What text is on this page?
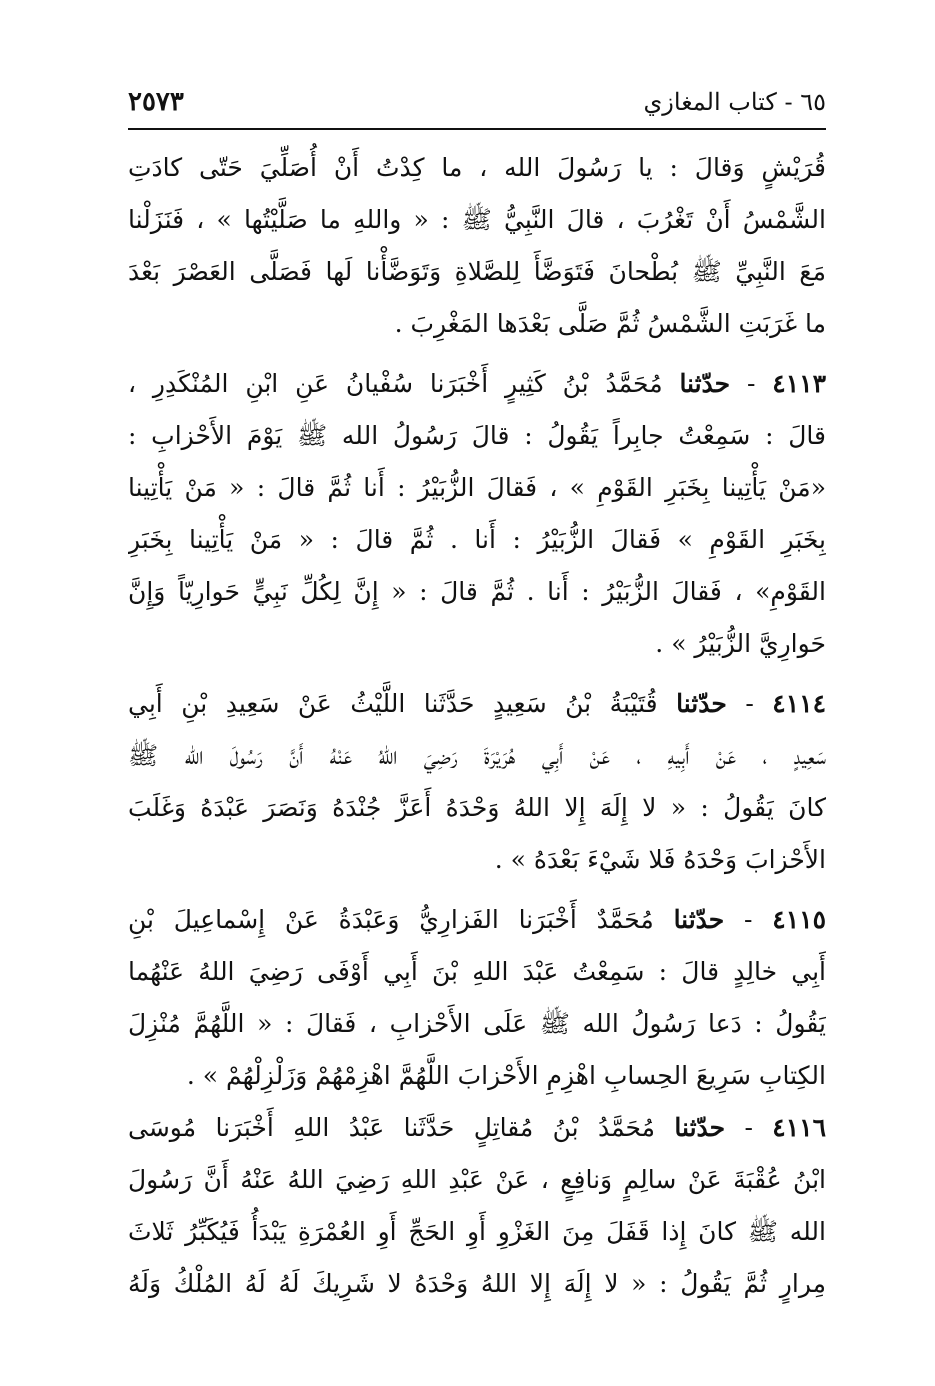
٦٥ - كتاب المغازي
٢٥٧٣
قُرَيْشٍ وَقالَ : يا رَسُولَ الله ، ما كِدْتُ أَنْ أُصَلِّيَ حَتّى كادَتِ
الشَّمْسُ أَنْ تَغْرُبَ ، قالَ النَّبِيُّ ﷺ : « واللهِ ما صَلَّيْتُها » ، فَنَزَلْنا
مَعَ النَّبِيِّ ﷺ بُطْحانَ فَتَوَضَّأَ لِلصَّلاةِ وَتَوَضَّأْنا لَها فَصَلَّى العَصْرَ بَعْدَ
ما غَرَبَتِ الشَّمْسُ ثُمَّ صَلَّى بَعْدَها المَغْرِبَ .
٤١١٣ - حدّثنا مُحَمَّدُ بْنُ كَثِيرٍ أَخْبَرَنا سُفْيانُ عَنِ ابْنِ المُنْكَدِرِ ،
قالَ : سَمِعْتُ جابِراً يَقُولُ : قالَ رَسُولُ الله ﷺ يَوْمَ الأَحْزابِ :
«مَنْ يَأْتِينا بِخَبَرِ القَوْمِ » ، فَقالَ الزُّبَيْرُ : أَنا ثُمَّ قالَ : « مَنْ يَأْتِينا
بِخَبَرِ القَوْمِ » فَقالَ الزُّبَيْرُ : أَنا . ثُمَّ قالَ : « مَنْ يَأْتِينا بِخَبَرِ
القَوْمِ» ، فَقالَ الزُّبَيْرُ : أَنا . ثُمَّ قالَ : « إِنَّ لِكُلِّ نَبِيٍّ حَوارِيّاً وَإِنَّ
حَوارِيَّ الزُّبَيْرُ » .
٤١١٤ - حدّثنا قُتَيْبَةُ بْنُ سَعِيدٍ حَدَّثَنا اللَّيْثُ عَنْ سَعِيدِ بْنِ أَبِي
سَعِيدٍ ، عَنْ أَبِيهِ ، عَنْ أَبِي هُرَيْرَةَ رَضِيَ اللهُ عَنْهُ أَنَّ رَسُولَ الله ﷺ
كانَ يَقُولُ : « لا إِلَهَ إِلا اللهُ وَحْدَهُ أَعَزَّ جُنْدَهُ وَنَصَرَ عَبْدَهُ وَغَلَبَ
الأَحْزابَ وَحْدَهُ فَلا شَيْءَ بَعْدَهُ » .
٤١١٥ - حدّثنا مُحَمَّدٌ أَخْبَرَنا الفَزارِيُّ وَعَبْدَةُ عَنْ إِسْماعِيلَ بْنِ
أَبِي خالِدٍ قالَ : سَمِعْتُ عَبْدَ اللهِ بْنَ أَبِي أَوْفَى رَضِيَ اللهُ عَنْهُما
يَقُولُ : دَعا رَسُولُ الله ﷺ عَلَى الأَحْزابِ ، فَقالَ : « اللَّهُمَّ مُنْزِلَ
الكِتابِ سَرِيعَ الحِسابِ اهْزِمِ الأَحْزابَ اللَّهُمَّ اهْزِمْهُمْ وَزَلْزِلْهُمْ » .
٤١١٦ - حدّثنا مُحَمَّدُ بْنُ مُقاتِلٍ حَدَّثَنا عَبْدُ اللهِ أَخْبَرَنا مُوسَى
ابْنُ عُقْبَةَ عَنْ سالِمٍ وَنافِعٍ ، عَنْ عَبْدِ اللهِ رَضِيَ اللهُ عَنْهُ أَنَّ رَسُولَ
الله ﷺ كانَ إِذا قَفَلَ مِنَ الغَزْوِ أَوِ الحَجِّ أَوِ العُمْرَةِ يَبْدَأُ فَيُكَبِّرُ ثَلاثَ
مِرارٍ ثُمَّ يَقُولُ : « لا إِلَهَ إِلا اللهُ وَحْدَهُ لا شَرِيكَ لَهُ لَهُ المُلْكُ وَلَهُ
